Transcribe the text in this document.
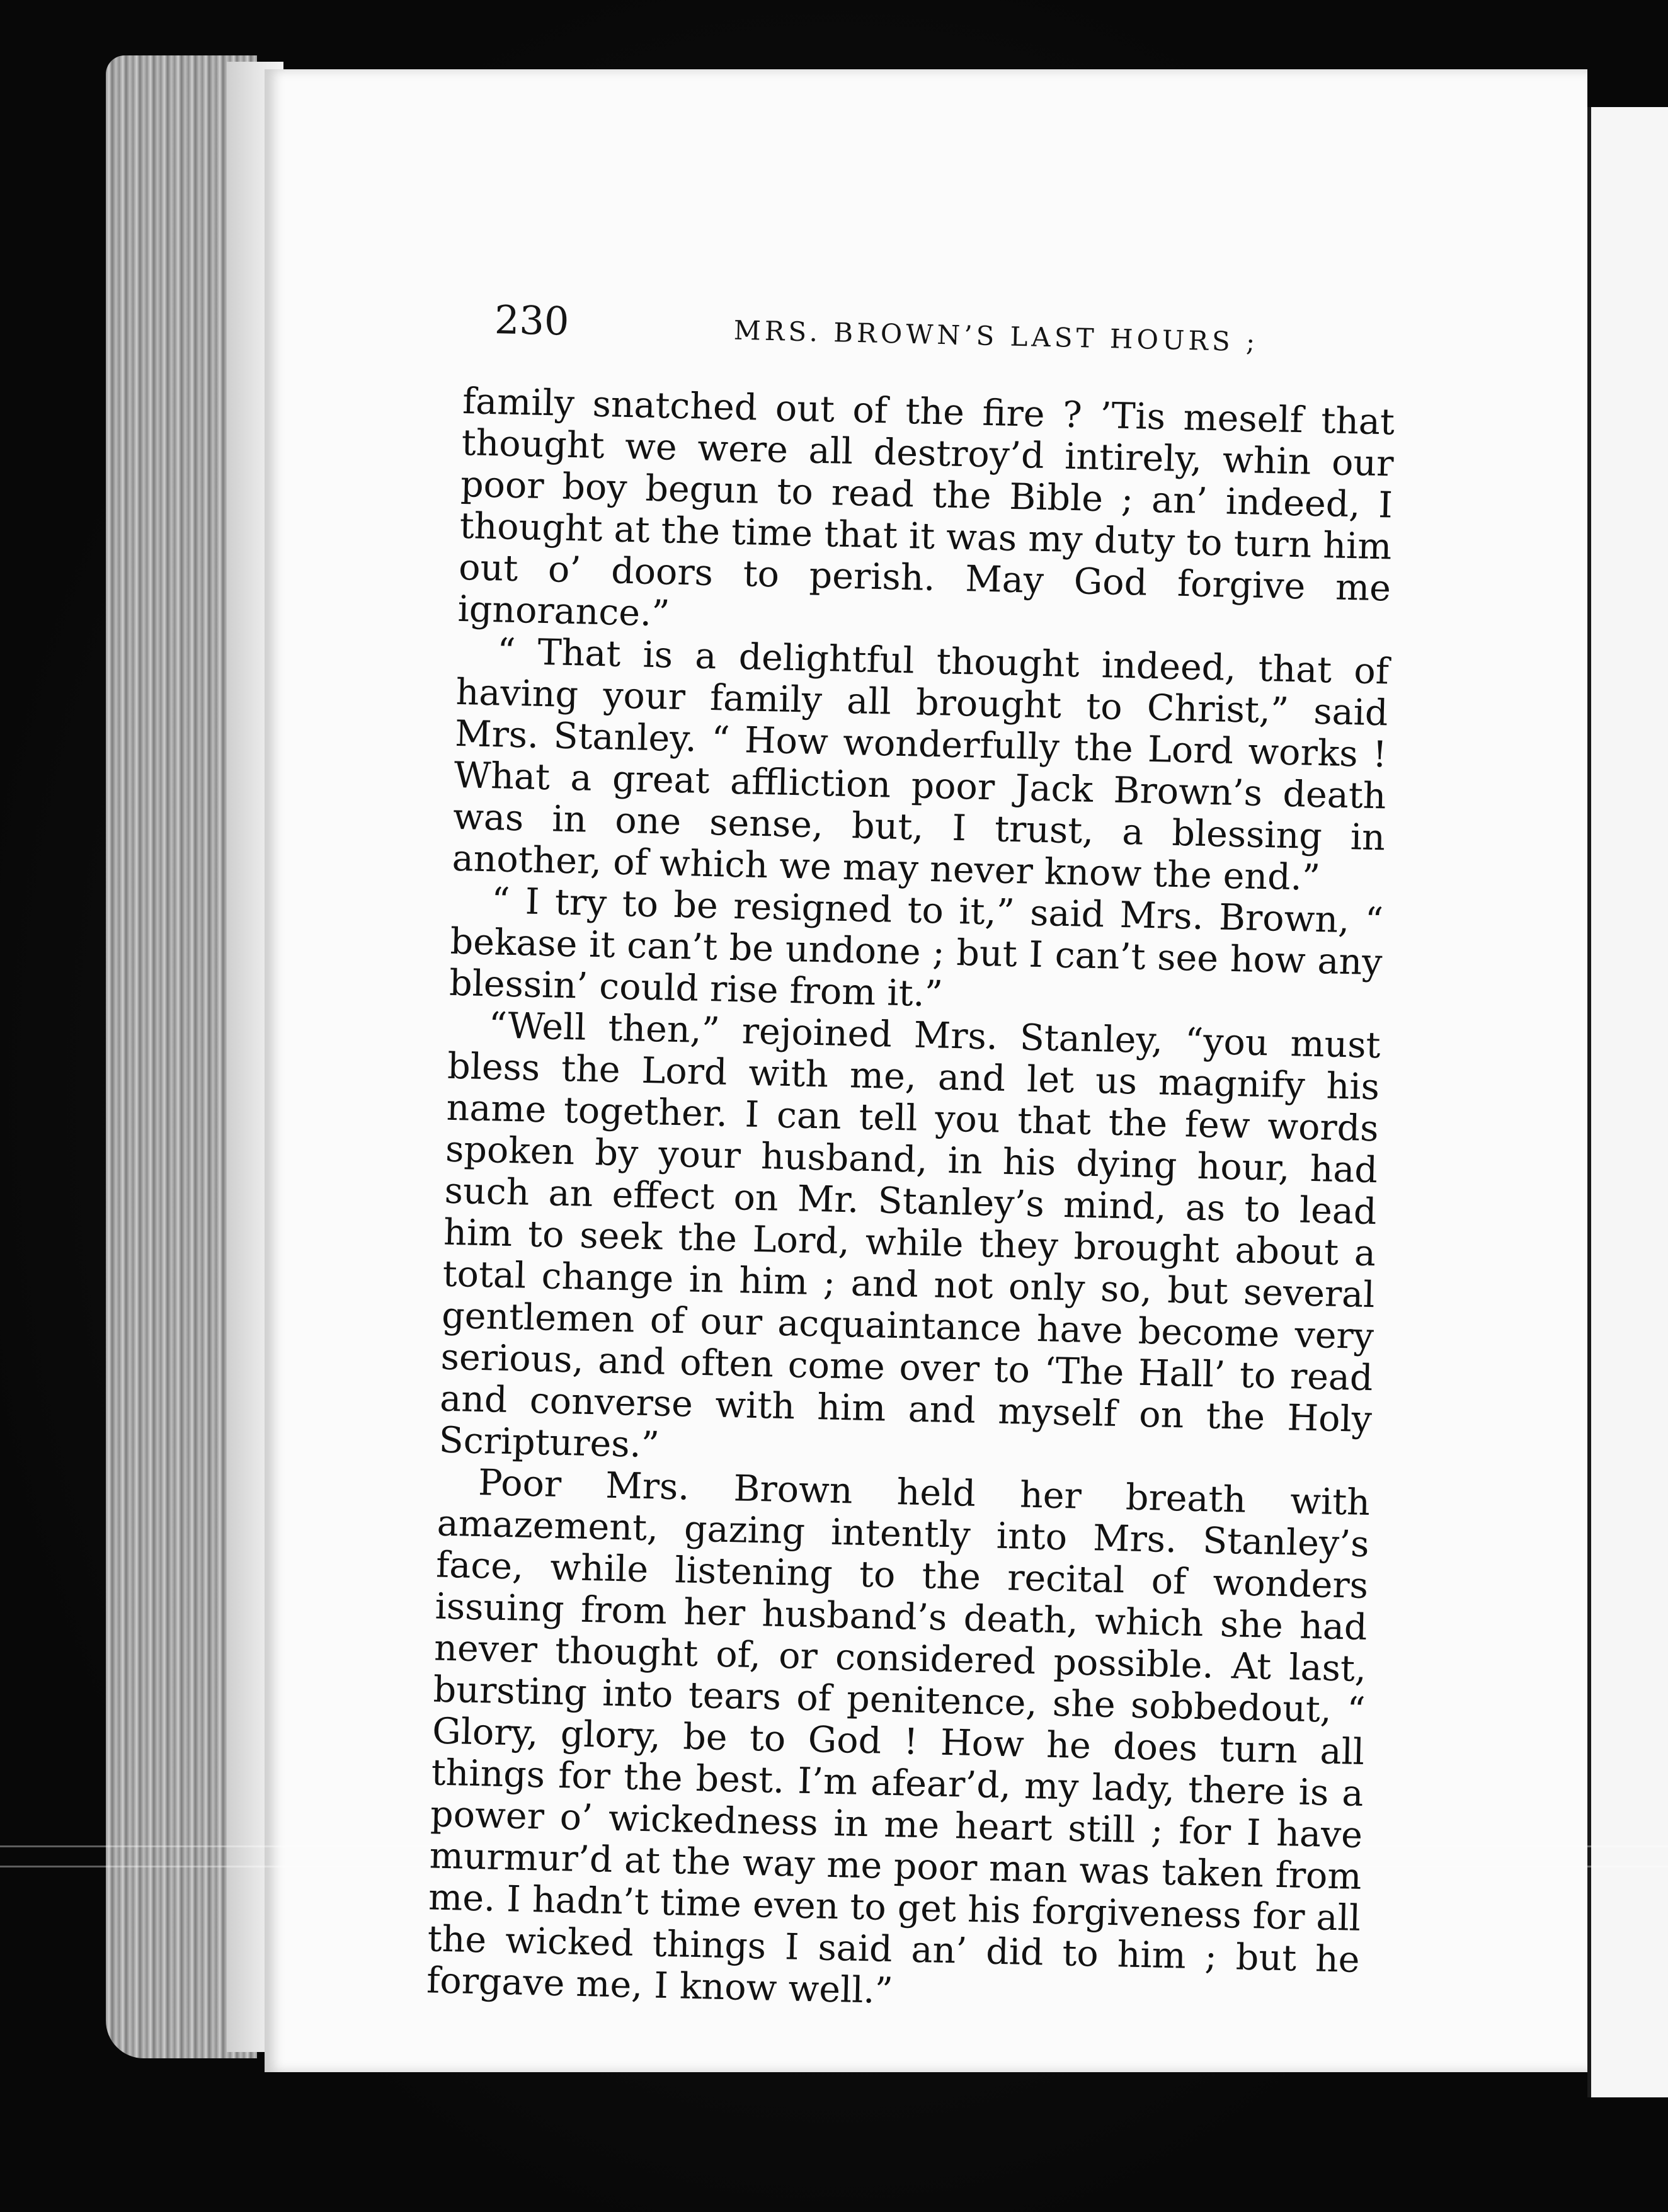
230	MRS. BROWN’S LAST HOURS ;

family snatched out of the fire ? ’Tis meself that thought we were all destroy’d intirely, whin our poor boy begun to read the Bible ; an’ indeed, I thought at the time that it was my duty to turn him out o’ doors to perish. May God forgive me ignorance.”

“ That is a delightful thought indeed, that of having your family all brought to Christ,” said Mrs. Stanley. “ How wonderfully the Lord works ! What a great affliction poor Jack Brown’s death was in one sense, but, I trust, a blessing in another, of which we may never know the end.”

“ I try to be resigned to it,” said Mrs. Brown, “ bekase it can’t be undone ; but I can’t see how any blessin’ could rise from it.”

“Well then,” rejoined Mrs. Stanley, “you must bless the Lord with me, and let us magnify his name together. I can tell you that the few words spoken by your husband, in his dying hour, had such an effect on Mr. Stanley’s mind, as to lead him to seek the Lord, while they brought about a total change in him ; and not only so, but several gentlemen of our acquaintance have become very serious, and often come over to ‘The Hall’ to read and converse with him and myself on the Holy Scriptures.”

Poor Mrs. Brown held her breath with amazement, gazing intently into Mrs. Stanley’s face, while listening to the recital of wonders issuing from her husband’s death, which she had never thought of, or considered possible. At last, bursting into tears of penitence, she sobbedout, “ Glory, glory, be to God ! How he does turn all things for the best. I’m afear’d, my lady, there is a power o’ wickedness in me heart still ; for I have murmur’d at the way me poor man was taken from me. I hadn’t time even to get his forgiveness for all the wicked things I said an’ did to him ; but he forgave me, I know well.”
